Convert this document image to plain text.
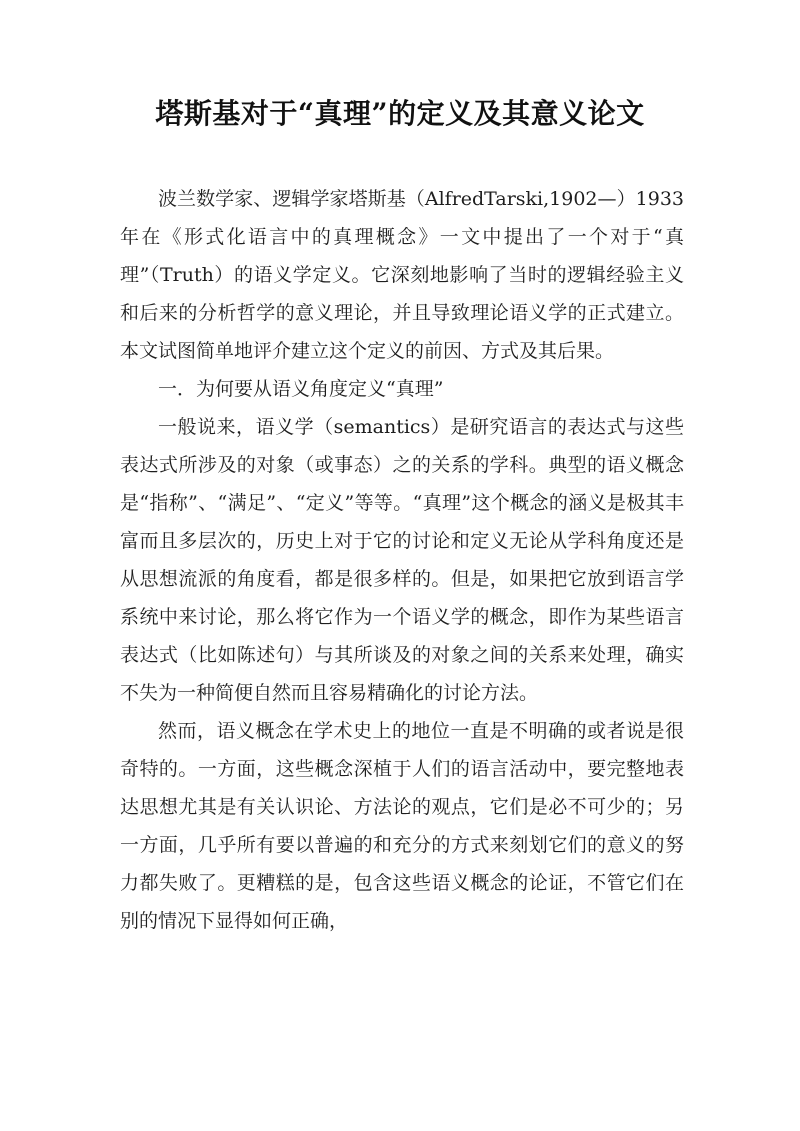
塔斯基对于“真理”的定义及其意义论文

波兰数学家、逻辑学家塔斯基（AlfredTarski,1902—）1933年在《形式化语言中的真理概念》一文中提出了一个对于“真理”（Truth）的语义学定义。它深刻地影响了当时的逻辑经验主义和后来的分析哲学的意义理论，并且导致理论语义学的正式建立。本文试图简单地评介建立这个定义的前因、方式及其后果。

一．为何要从语义角度定义“真理”

一般说来，语义学（semantics）是研究语言的表达式与这些表达式所涉及的对象（或事态）之的关系的学科。典型的语义概念是“指称”、“满足”、“定义”等等。“真理”这个概念的涵义是极其丰富而且多层次的，历史上对于它的讨论和定义无论从学科角度还是从思想流派的角度看，都是很多样的。但是，如果把它放到语言学系统中来讨论，那么将它作为一个语义学的概念，即作为某些语言表达式（比如陈述句）与其所谈及的对象之间的关系来处理，确实不失为一种简便自然而且容易精确化的讨论方法。

然而，语义概念在学术史上的地位一直是不明确的或者说是很奇特的。一方面，这些概念深植于人们的语言活动中，要完整地表达思想尤其是有关认识论、方法论的观点，它们是必不可少的；另一方面，几乎所有要以普遍的和充分的方式来刻划它们的意义的努力都失败了。更糟糕的是，包含这些语义概念的论证，不管它们在别的情况下显得如何正确，
